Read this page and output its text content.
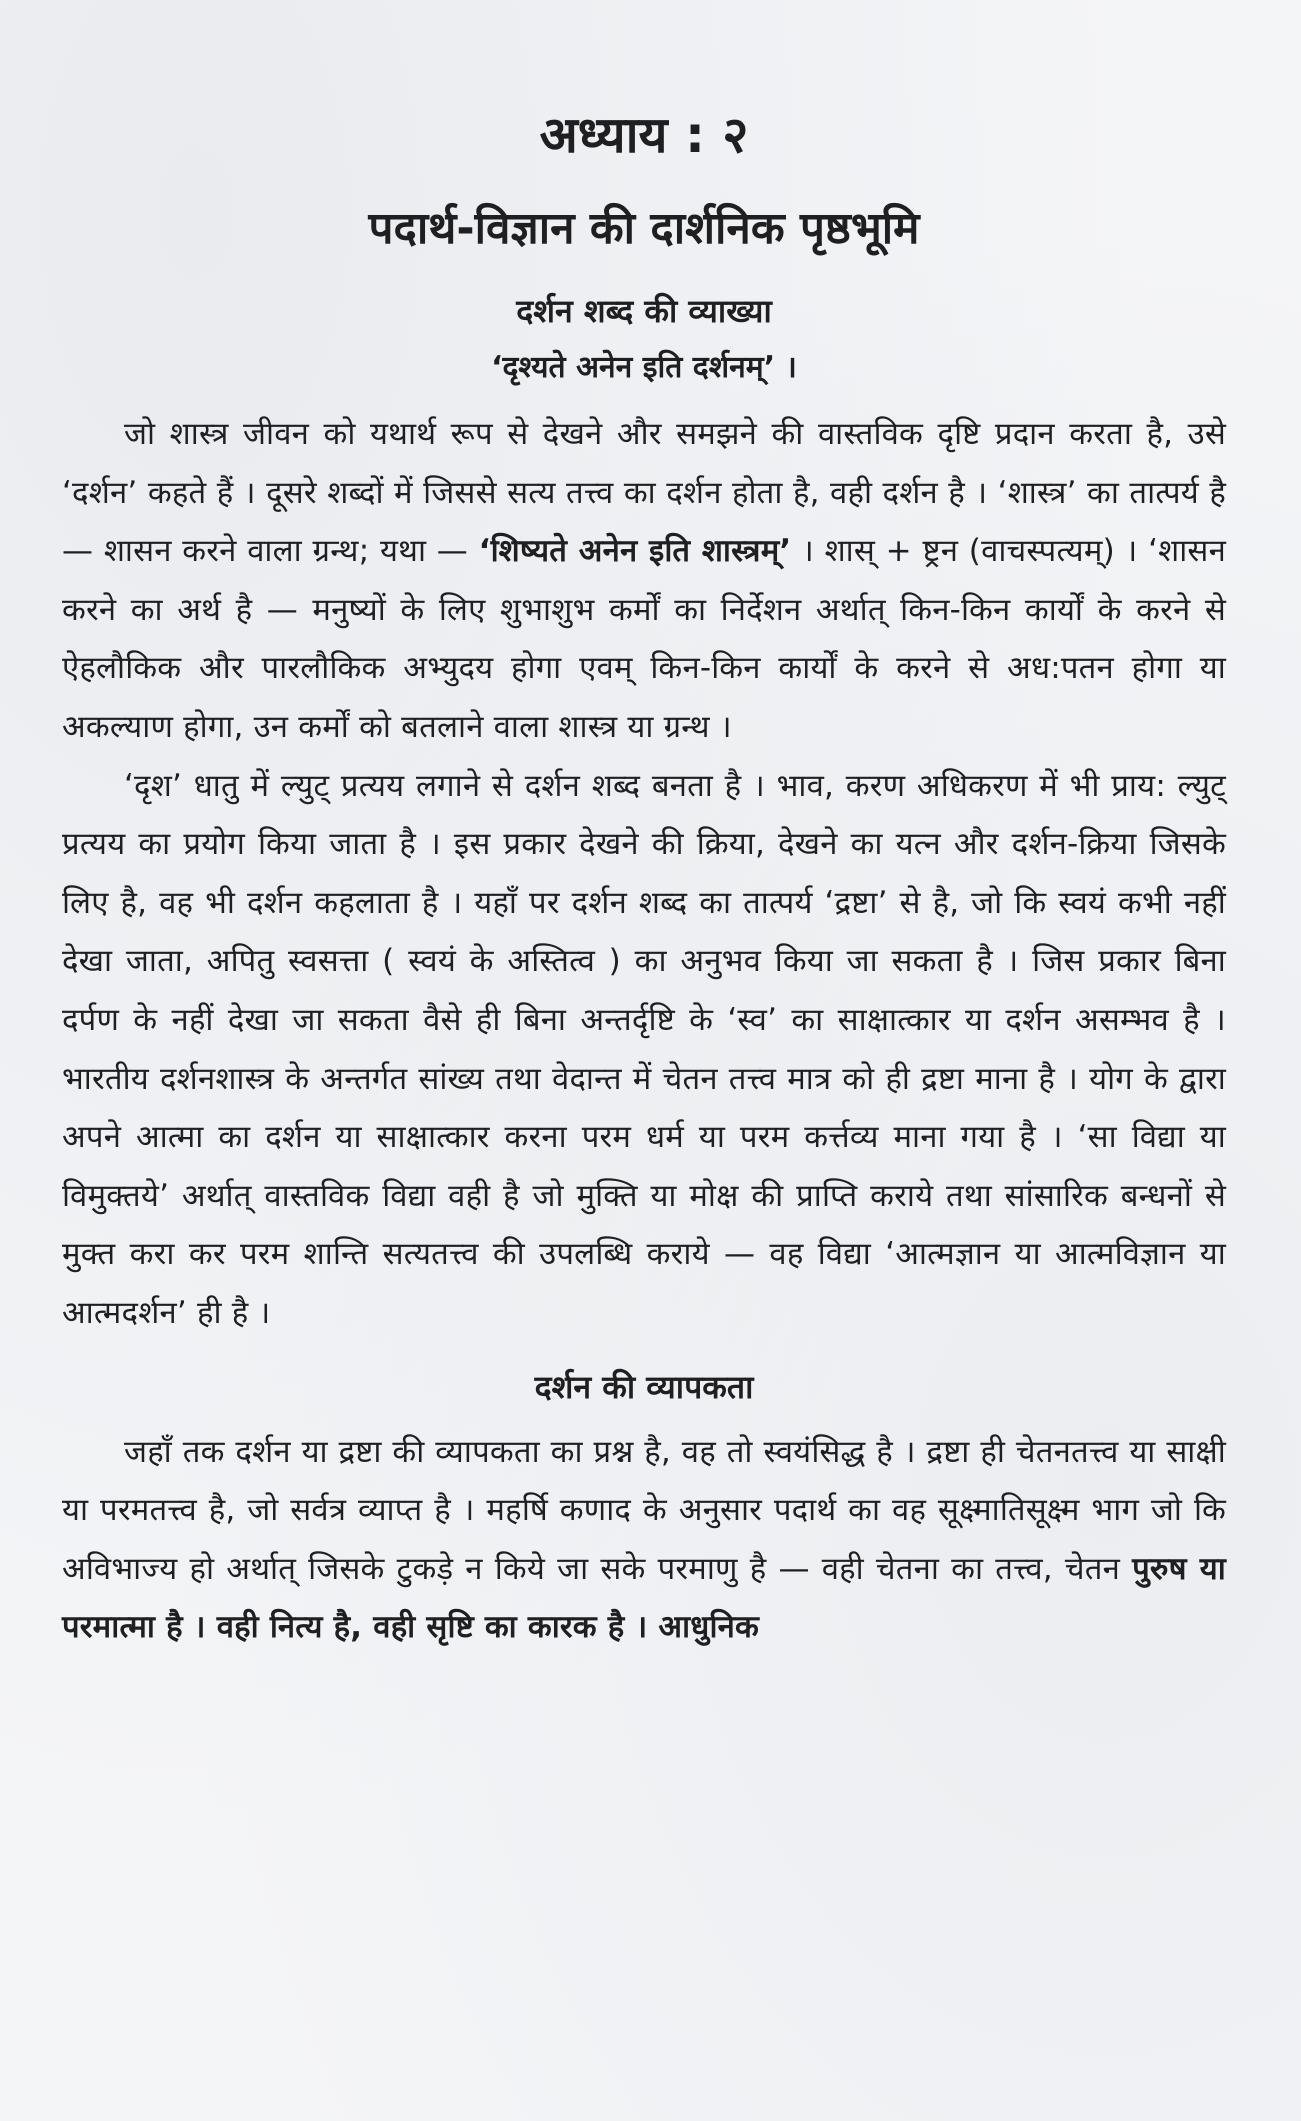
अध्याय : २
पदार्थ-विज्ञान की दार्शनिक पृष्ठभूमि
दर्शन शब्द की व्याख्या
‘दृश्यते अनेन इति दर्शनम्’ ।

जो शास्त्र जीवन को यथार्थ रूप से देखने और समझने की वास्तविक दृष्टि प्रदान करता है, उसे ‘दर्शन’ कहते हैं । दूसरे शब्दों में जिससे सत्य तत्त्व का दर्शन होता है, वही दर्शन है । ‘शास्त्र’ का तात्पर्य है — शासन करने वाला ग्रन्थ; यथा — ‘शिष्यते अनेन इति शास्त्रम्’ । शास् + ष्ट्रन (वाचस्पत्यम्) । ‘शासन करने का अर्थ है — मनुष्यों के लिए शुभाशुभ कर्मों का निर्देशन अर्थात् किन-किन कार्यों के करने से ऐहलौकिक और पारलौकिक अभ्युदय होगा एवम् किन-किन कार्यों के करने से अध:पतन होगा या अकल्याण होगा, उन कर्मों को बतलाने वाला शास्त्र या ग्रन्थ ।

‘दृश’ धातु में ल्युट् प्रत्यय लगाने से दर्शन शब्द बनता है । भाव, करण अधिकरण में भी प्राय: ल्युट् प्रत्यय का प्रयोग किया जाता है । इस प्रकार देखने की क्रिया, देखने का यत्न और दर्शन-क्रिया जिसके लिए है, वह भी दर्शन कहलाता है । यहाँ पर दर्शन शब्द का तात्पर्य ‘द्रष्टा’ से है, जो कि स्वयं कभी नहीं देखा जाता, अपितु स्वसत्ता ( स्वयं के अस्तित्व ) का अनुभव किया जा सकता है । जिस प्रकार बिना दर्पण के नहीं देखा जा सकता वैसे ही बिना अन्तर्दृष्टि के ‘स्व’ का साक्षात्कार या दर्शन असम्भव है । भारतीय दर्शनशास्त्र के अन्तर्गत सांख्य तथा वेदान्त में चेतन तत्त्व मात्र को ही द्रष्टा माना है । योग के द्वारा अपने आत्मा का दर्शन या साक्षात्कार करना परम धर्म या परम कर्त्तव्य माना गया है । ‘सा विद्या या विमुक्तये’ अर्थात् वास्तविक विद्या वही है जो मुक्ति या मोक्ष की प्राप्ति कराये तथा सांसारिक बन्धनों से मुक्त करा कर परम शान्ति सत्यतत्त्व की उपलब्धि कराये — वह विद्या ‘आत्मज्ञान या आत्मविज्ञान या आत्मदर्शन’ ही है ।

दर्शन की व्यापकता

जहाँ तक दर्शन या द्रष्टा की व्यापकता का प्रश्न है, वह तो स्वयंसिद्ध है । द्रष्टा ही चेतनतत्त्व या साक्षी या परमतत्त्व है, जो सर्वत्र व्याप्त है । महर्षि कणाद के अनुसार पदार्थ का वह सूक्ष्मातिसूक्ष्म भाग जो कि अविभाज्य हो अर्थात् जिसके टुकड़े न किये जा सके परमाणु है — वही चेतना का तत्त्व, चेतन पुरुष या परमात्मा है । वही नित्य है, वही सृष्टि का कारक है । आधुनिक
